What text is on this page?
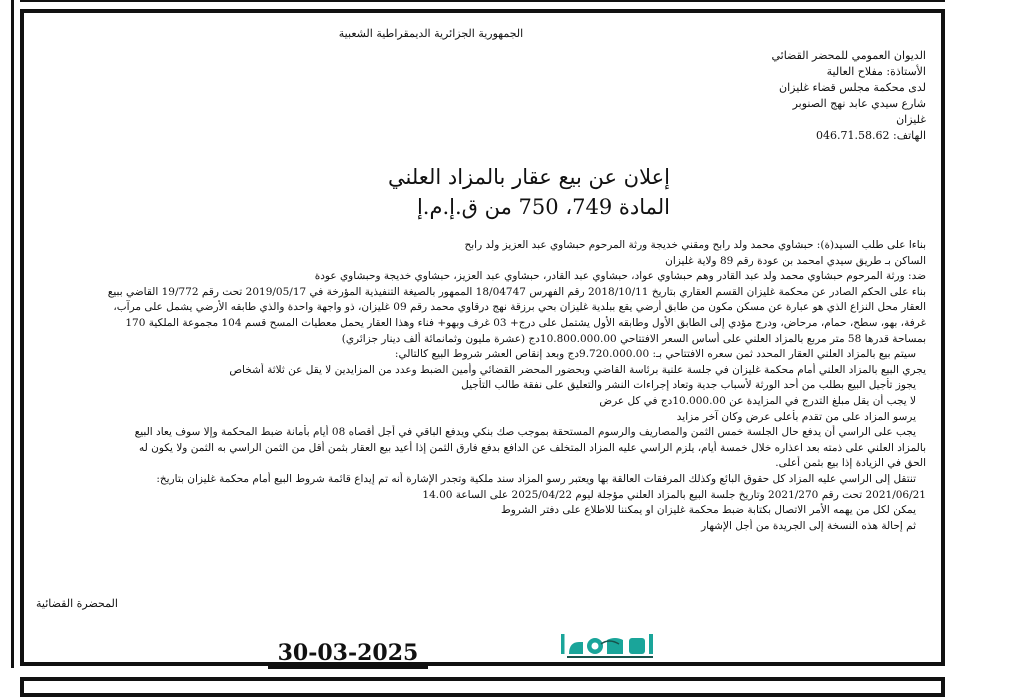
الجمهورية الجزائرية الديمقراطية الشعبية
الديوان العمومي للمحضر القضائي
الأستاذة: مفلاح العالية
لدى محكمة مجلس قضاء غليزان
شارع سيدي عابد نهج الصنوبر
غليزان
الهاتف: 046.71.58.62
إعلان عن بيع عقار بالمزاد العلني
المادة 749، 750 من ق.إ.م.إ

بناءا على طلب السيد(ة): حبشاوي محمد ولد رابح ومقني خديجة ورثة المرحوم حبشاوي عبد العزيز ولد رابح

الساكن بـ طريق سيدي امحمد بن عودة رقم 89 ولاية غليزان

ضد: ورثة المرحوم حبشاوي محمد ولد عبد القادر وهم حبشاوي عواد، حبشاوي عبد القادر، حبشاوي عبد العزيز، حبشاوي خديجة وحبشاوي عودة

بناء على الحكم الصادر عن محكمة غليزان القسم العقاري بتاريخ 2018/10/11 رقم الفهرس 18/04747 الممهور بالصيغة التنفيذية المؤرخة في 2019/05/17 تحت رقم 19/772 القاضي ببيع

العقار محل النزاع الذي هو عبارة عن مسكن مكون من طابق أرضي يقع ببلدية غليزان بحي برزقة نهج درقاوي محمد رقم 09 غليزان، ذو واجهة واحدة والذي طابقه الأرضي يشمل على مرآب،

غرفة، بهو، سطح، حمام، مرحاض، ودرج مؤدي إلى الطابق الأول وطابقه الأول يشتمل على درج+ 03 غرف وبهو+ فناء وهذا العقار يحمل معطيات المسح قسم 104 مجموعة الملكية 170

بمساحة قدرها 58 متر مربع بالمزاد العلني على أساس السعر الافتتاحي 10.800.000.00دج (عشرة مليون وثمانمائة ألف دينار جزائري)

سيتم بيع بالمزاد العلني العقار المحدد ثمن سعره الافتتاحي بـ: 9.720.000.00دج وبعد إنقاص العشر شروط البيع كالتالي:

يجري البيع بالمزاد العلني أمام محكمة غليزان في جلسة علنية برئاسة القاضي وبحضور المحضر القضائي وأمين الضبط وعدد من المزايدين لا يقل عن ثلاثة أشخاص

يجوز تأجيل البيع بطلب من أحد الورثة لأسباب جدية وتعاد إجراءات النشر والتعليق على نفقة طالب التأجيل

لا يجب أن يقل مبلغ التدرج في المزايدة عن 10.000.00دج في كل عرض

يرسو المزاد على من تقدم بأعلى عرض وكان آخر مزايد

يجب على الراسي أن يدفع حال الجلسة خمس الثمن والمصاريف والرسوم المستحقة بموجب صك بنكي ويدفع الباقي في أجل أقصاه 08 أيام بأمانة ضبط المحكمة وإلا سوف يعاد البيع

بالمزاد العلني على ذمته بعد اعذاره خلال خمسة أيام، يلزم الراسي عليه المزاد المتخلف عن الدافع بدفع فارق الثمن إذا أعيد بيع العقار بثمن أقل من الثمن الراسي به الثمن ولا يكون له

الحق في الزيادة إذا بيع بثمن أعلى.

تنتقل إلى الراسي عليه المزاد كل حقوق البائع وكذلك المرفقات العالقة بها ويعتبر رسو المزاد سند ملكية وتجدر الإشارة أنه تم إيداع قائمة شروط البيع أمام محكمة غليزان بتاريخ:

2021/06/21 تحت رقم 2021/270 وتاريخ جلسة البيع بالمزاد العلني مؤجلة ليوم 2025/04/22 على الساعة 14.00

يمكن لكل من يهمه الأمر الاتصال بكتابة ضبط محكمة غليزان او يمكننا للاطلاع على دفتر الشروط

ثم إحالة هذه النسخة إلى الجريدة من أجل الإشهار

المحضرة القضائية
30-03-2025
